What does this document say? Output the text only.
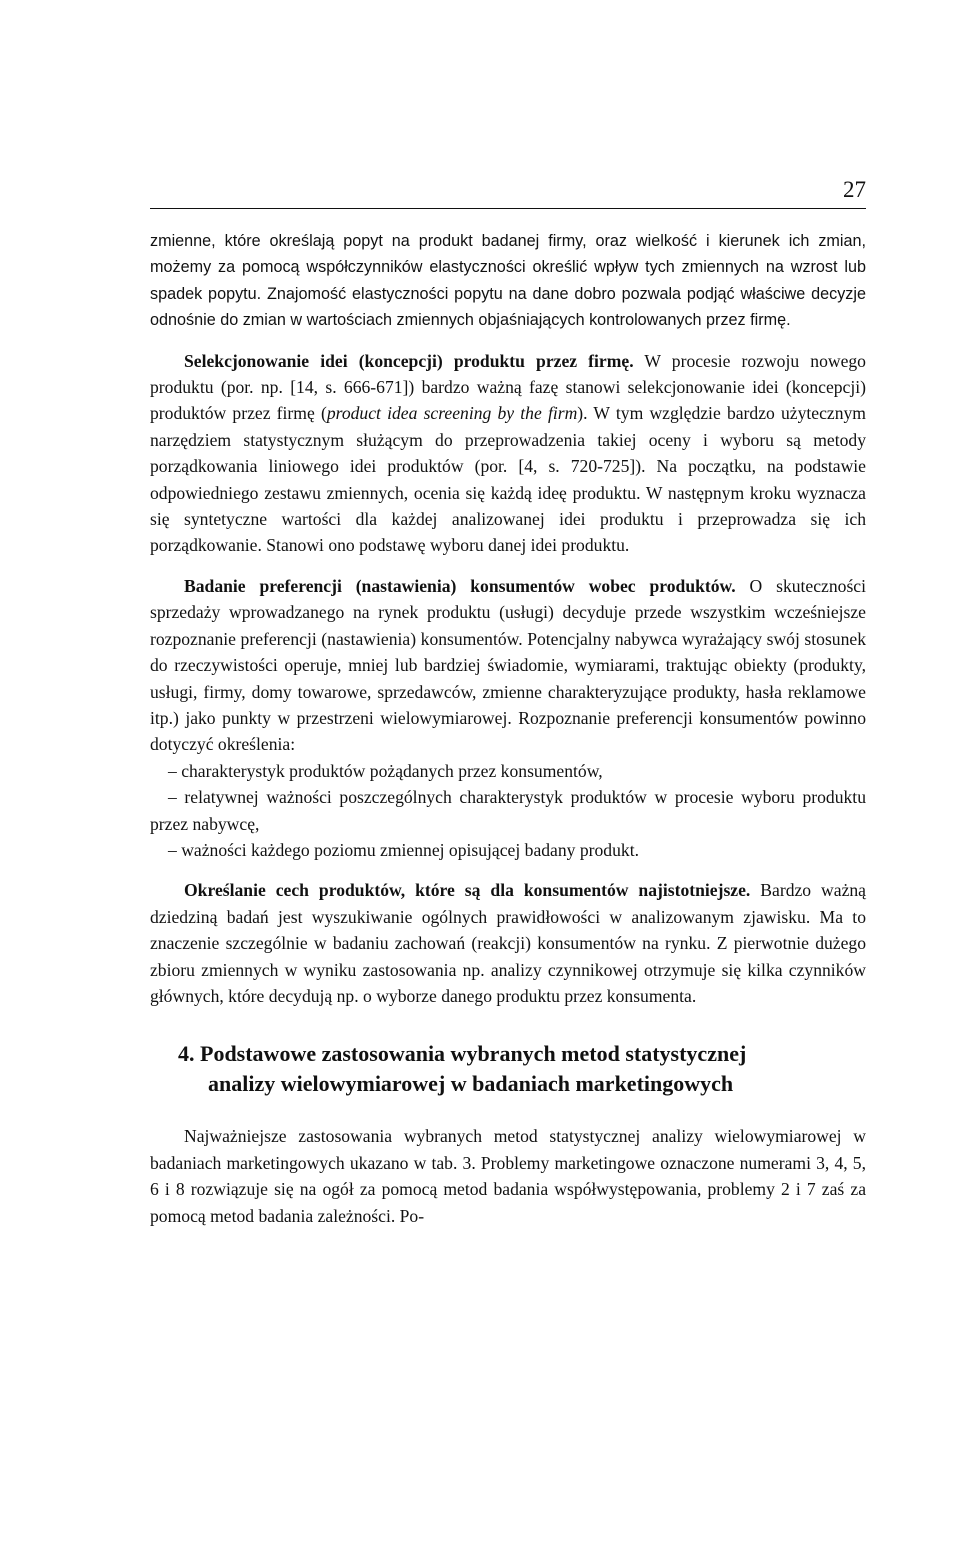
27

zmienne, które określają popyt na produkt badanej firmy, oraz wielkość i kierunek ich zmian, możemy za pomocą współczynników elastyczności określić wpływ tych zmiennych na wzrost lub spadek popytu. Znajomość elastyczności popytu na dane dobro pozwala podjąć właściwe decyzje odnośnie do zmian w wartościach zmiennych objaśniających kontrolowanych przez firmę.

Selekcjonowanie idei (koncepcji) produktu przez firmę. W procesie rozwoju nowego produktu (por. np. [14, s. 666-671]) bardzo ważną fazę stanowi selekcjonowanie idei (koncepcji) produktów przez firmę (product idea screening by the firm). W tym względzie bardzo użytecznym narzędziem statystycznym służącym do przeprowadzenia takiej oceny i wyboru są metody porządkowania liniowego idei produktów (por. [4, s. 720-725]). Na początku, na podstawie odpowiedniego zestawu zmiennych, ocenia się każdą ideę produktu. W następnym kroku wyznacza się syntetyczne wartości dla każdej analizowanej idei produktu i przeprowadza się ich porządkowanie. Stanowi ono podstawę wyboru danej idei produktu.

Badanie preferencji (nastawienia) konsumentów wobec produktów. O skuteczności sprzedaży wprowadzanego na rynek produktu (usługi) decyduje przede wszystkim wcześniejsze rozpoznanie preferencji (nastawienia) konsumentów. Potencjalny nabywca wyrażający swój stosunek do rzeczywistości operuje, mniej lub bardziej świadomie, wymiarami, traktując obiekty (produkty, usługi, firmy, domy towarowe, sprzedawców, zmienne charakteryzujące produkty, hasła reklamowe itp.) jako punkty w przestrzeni wielowymiarowej. Rozpoznanie preferencji konsumentów powinno dotyczyć określenia:

– charakterystyk produktów pożądanych przez konsumentów,
– relatywnej ważności poszczególnych charakterystyk produktów w procesie wyboru produktu przez nabywcę,
– ważności każdego poziomu zmiennej opisującej badany produkt.

Określanie cech produktów, które są dla konsumentów najistotniejsze. Bardzo ważną dziedziną badań jest wyszukiwanie ogólnych prawidłowości w analizowanym zjawisku. Ma to znaczenie szczególnie w badaniu zachowań (reakcji) konsumentów na rynku. Z pierwotnie dużego zbioru zmiennych w wyniku zastosowania np. analizy czynnikowej otrzymuje się kilka czynników głównych, które decydują np. o wyborze danego produktu przez konsumenta.

4. Podstawowe zastosowania wybranych metod statystycznej
analizy wielowymiarowej w badaniach marketingowych

Najważniejsze zastosowania wybranych metod statystycznej analizy wielowymiarowej w badaniach marketingowych ukazano w tab. 3. Problemy marketingowe oznaczone numerami 3, 4, 5, 6 i 8 rozwiązuje się na ogół za pomocą metod badania współwystępowania, problemy 2 i 7 zaś za pomocą metod badania zależności. Po-
